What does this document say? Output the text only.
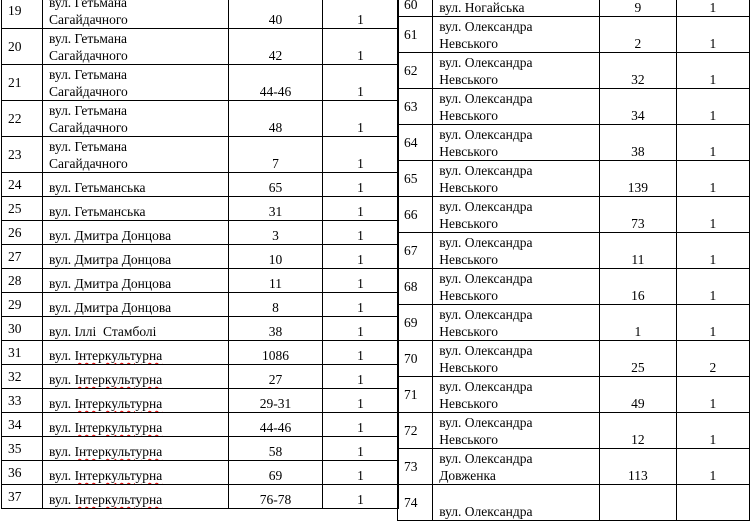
19	вул. Гетьмана
Сагайдачного	40	1
20	вул. Гетьмана
Сагайдачного	42	1
21	вул. Гетьмана
Сагайдачного	44-46	1
22	вул. Гетьмана
Сагайдачного	48	1
23	вул. Гетьмана
Сагайдачного	7	1
24	вул. Гетьманська	65	1
25	вул. Гетьманська	31	1
26	вул. Дмитра Донцова	3	1
27	вул. Дмитра Донцова	10	1
28	вул. Дмитра Донцова	11	1
29	вул. Дмитра Донцова	8	1
30	вул. Іллі  Стамболі	38	1
31	вул. Інтеркультурна	1086	1
32	вул. Інтеркультурна	27	1
33	вул. Інтеркультурна	29-31	1
34	вул. Інтеркультурна	44-46	1
35	вул. Інтеркультурна	58	1
36	вул. Інтеркультурна	69	1
37	вул. Інтеркультурна	76-78	1
60	вул. Ногайська	9	1
61	вул. Олександра
Невського	2	1
62	вул. Олександра
Невського	32	1
63	вул. Олександра
Невського	34	1
64	вул. Олександра
Невського	38	1
65	вул. Олександра
Невського	139	1
66	вул. Олександра
Невського	73	1
67	вул. Олександра
Невського	11	1
68	вул. Олександра
Невського	16	1
69	вул. Олександра
Невського	1	1
70	вул. Олександра
Невського	25	2
71	вул. Олександра
Невського	49	1
72	вул. Олександра
Невського	12	1
73	вул. Олександра
Довженка	113	1
74	вул. Олександра
